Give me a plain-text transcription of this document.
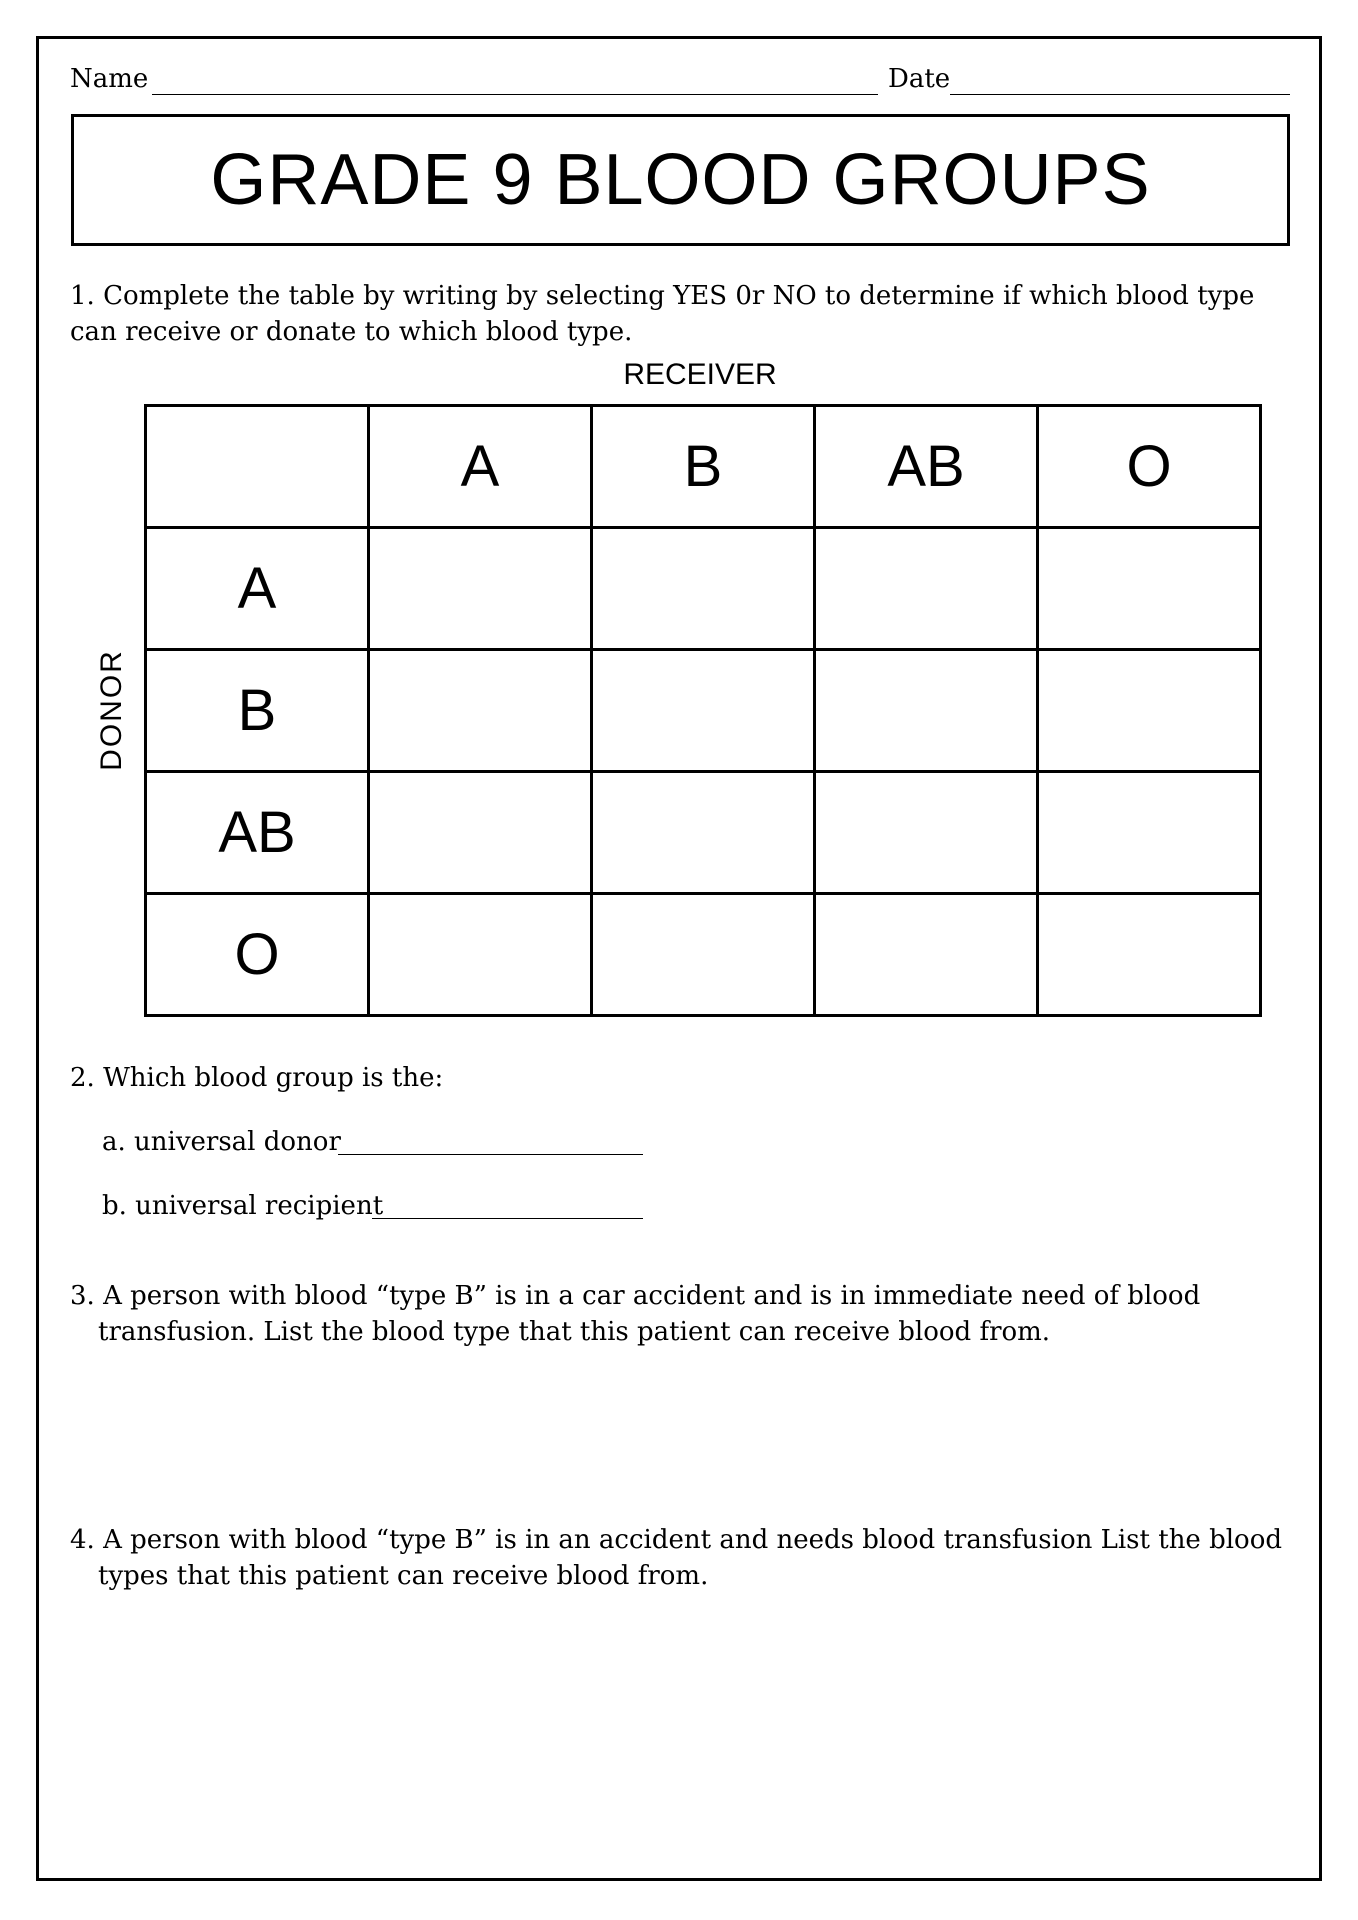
Name	Date
GRADE 9 BLOOD GROUPS
1. Complete the table by writing by selecting YES 0r NO to determine if which blood type can receive or donate to which blood type.
RECEIVER
DONOR
	A	B	AB	O
A				
B				
AB				
O				
2. Which blood group is the:
a. universal donor
b. universal recipient
3. A person with blood “type B” is in a car accident and is in immediate need of blood transfusion. List the blood type that this patient can receive blood from.
4. A person with blood “type B” is in an accident and needs blood transfusion List the blood types that this patient can receive blood from.
